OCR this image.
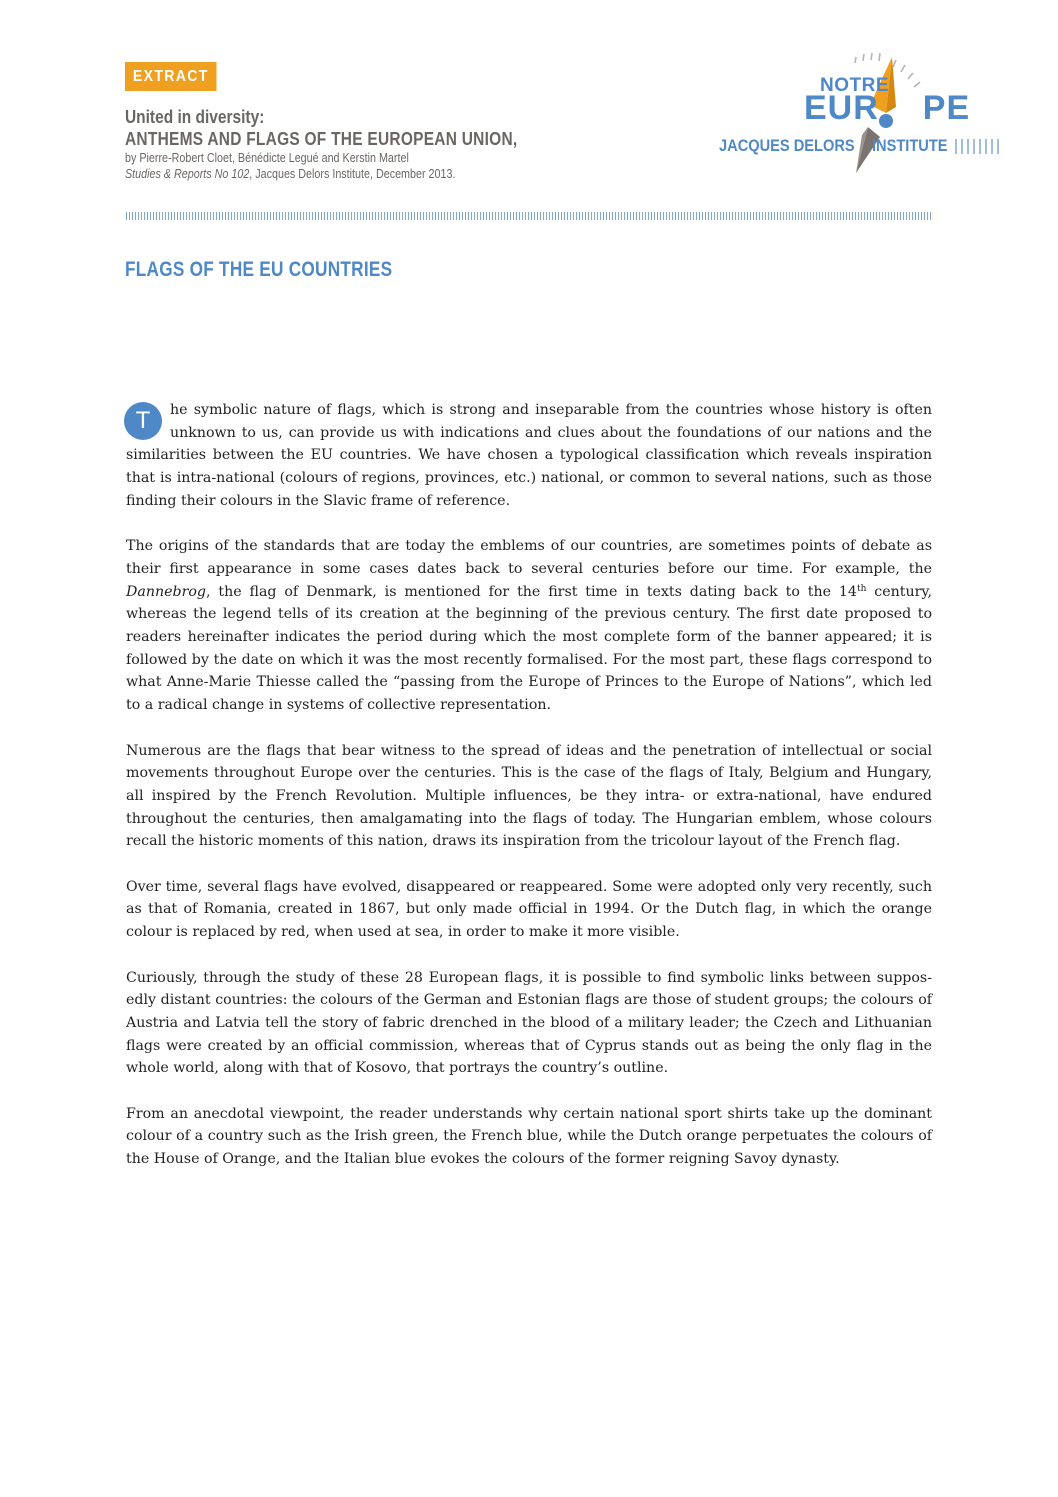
EXTRACT
United in diversity:
ANTHEMS AND FLAGS OF THE EUROPEAN UNION,
by Pierre-Robert Cloet, Bénédicte Legué and Kerstin Martel
Studies & Reports No 102, Jacques Delors Institute, December 2013.
NOTRE
EUR PE
JACQUES DELORS INSTITUTE
FLAGS OF THE EU COUNTRIES

T	he symbolic nature of flags, which is strong and inseparable from the countries whose history is often unknown to us, can provide us with indications and clues about the foundations of our nations and the similarities between the EU countries. We have chosen a typological classification which reveals inspiration that is intra-national (colours of regions, provinces, etc.) national, or common to several nations, such as those finding their colours in the Slavic frame of reference.

The origins of the standards that are today the emblems of our countries, are sometimes points of debate as their first appearance in some cases dates back to several centuries before our time. For example, the Dannebrog, the flag of Denmark, is mentioned for the first time in texts dating back to the 14th century, whereas the legend tells of its creation at the beginning of the previous century. The first date proposed to readers hereinafter indicates the period during which the most complete form of the banner appeared; it is followed by the date on which it was the most recently formalised. For the most part, these flags correspond to what Anne-Marie Thiesse called the “passing from the Europe of Princes to the Europe of Nations”, which led to a radical change in systems of collective representation.

Numerous are the flags that bear witness to the spread of ideas and the penetration of intellectual or social movements throughout Europe over the centuries. This is the case of the flags of Italy, Belgium and Hungary, all inspired by the French Revolution. Multiple influences, be they intra- or extra-national, have endured throughout the centuries, then amalgamating into the flags of today. The Hungarian emblem, whose colours recall the historic moments of this nation, draws its inspiration from the tricolour layout of the French flag.

Over time, several flags have evolved, disappeared or reappeared. Some were adopted only very recently, such as that of Romania, created in 1867, but only made official in 1994. Or the Dutch flag, in which the orange colour is replaced by red, when used at sea, in order to make it more visible.

Curiously, through the study of these 28 European flags, it is possible to find symbolic links between supposedly distant countries: the colours of the German and Estonian flags are those of student groups; the colours of Austria and Latvia tell the story of fabric drenched in the blood of a military leader; the Czech and Lithuanian flags were created by an official commission, whereas that of Cyprus stands out as being the only flag in the whole world, along with that of Kosovo, that portrays the country’s outline.

From an anecdotal viewpoint, the reader understands why certain national sport shirts take up the dominant colour of a country such as the Irish green, the French blue, while the Dutch orange perpetuates the colours of the House of Orange, and the Italian blue evokes the colours of the former reigning Savoy dynasty.
